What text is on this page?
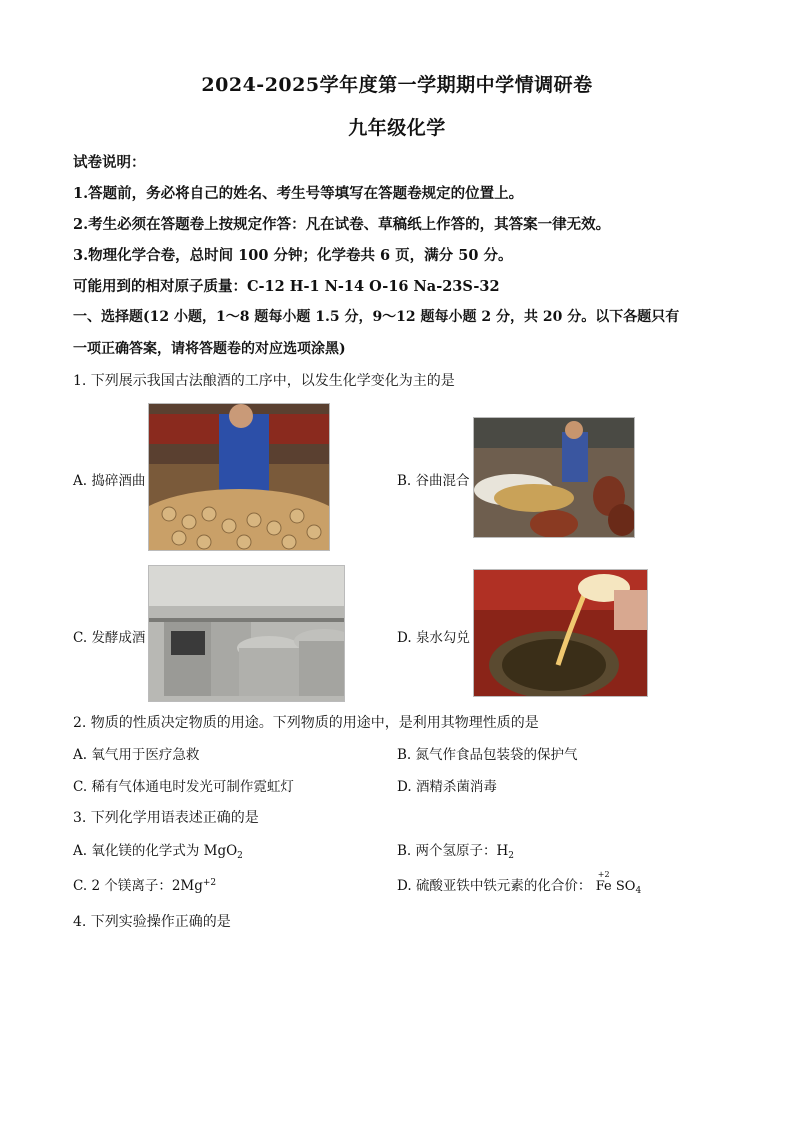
2024-2025学年度第一学期期中学情调研卷
九年级化学
试卷说明：
1.答题前，务必将自己的姓名、考生号等填写在答题卷规定的位置上。
2.考生必须在答题卷上按规定作答：凡在试卷、草稿纸上作答的，其答案一律无效。
3.物理化学合卷，总时间 100 分钟；化学卷共 6 页，满分 50 分。
可能用到的相对原子质量：C-12 H-1 N-14 O-16 Na-23S-32
一、选择题(12 小题，1～8 题每小题 1.5 分，9～12 题每小题 2 分，共 20 分。以下各题只有
一项正确答案，请将答题卷的对应选项涂黑)
1. 下列展示我国古法酿酒的工序中，以发生化学变化为主的是
A. 捣碎酒曲	B. 谷曲混合
C. 发酵成酒	D. 泉水勾兑
2. 物质的性质决定物质的用途。下列物质的用途中，是利用其物理性质的是
A. 氧气用于医疗急救	B. 氮气作食品包装袋的保护气
C. 稀有气体通电时发光可制作霓虹灯	D. 酒精杀菌消毒
3. 下列化学用语表述正确的是
A. 氧化镁的化学式为 MgO$_2$	B. 两个氢原子：$H_2$
C. 2 个镁离子：$2Mg^{+2}$	D. 硫酸亚铁中铁元素的化合价：
+2
Fe $SO_4$
4. 下列实验操作正确的是
